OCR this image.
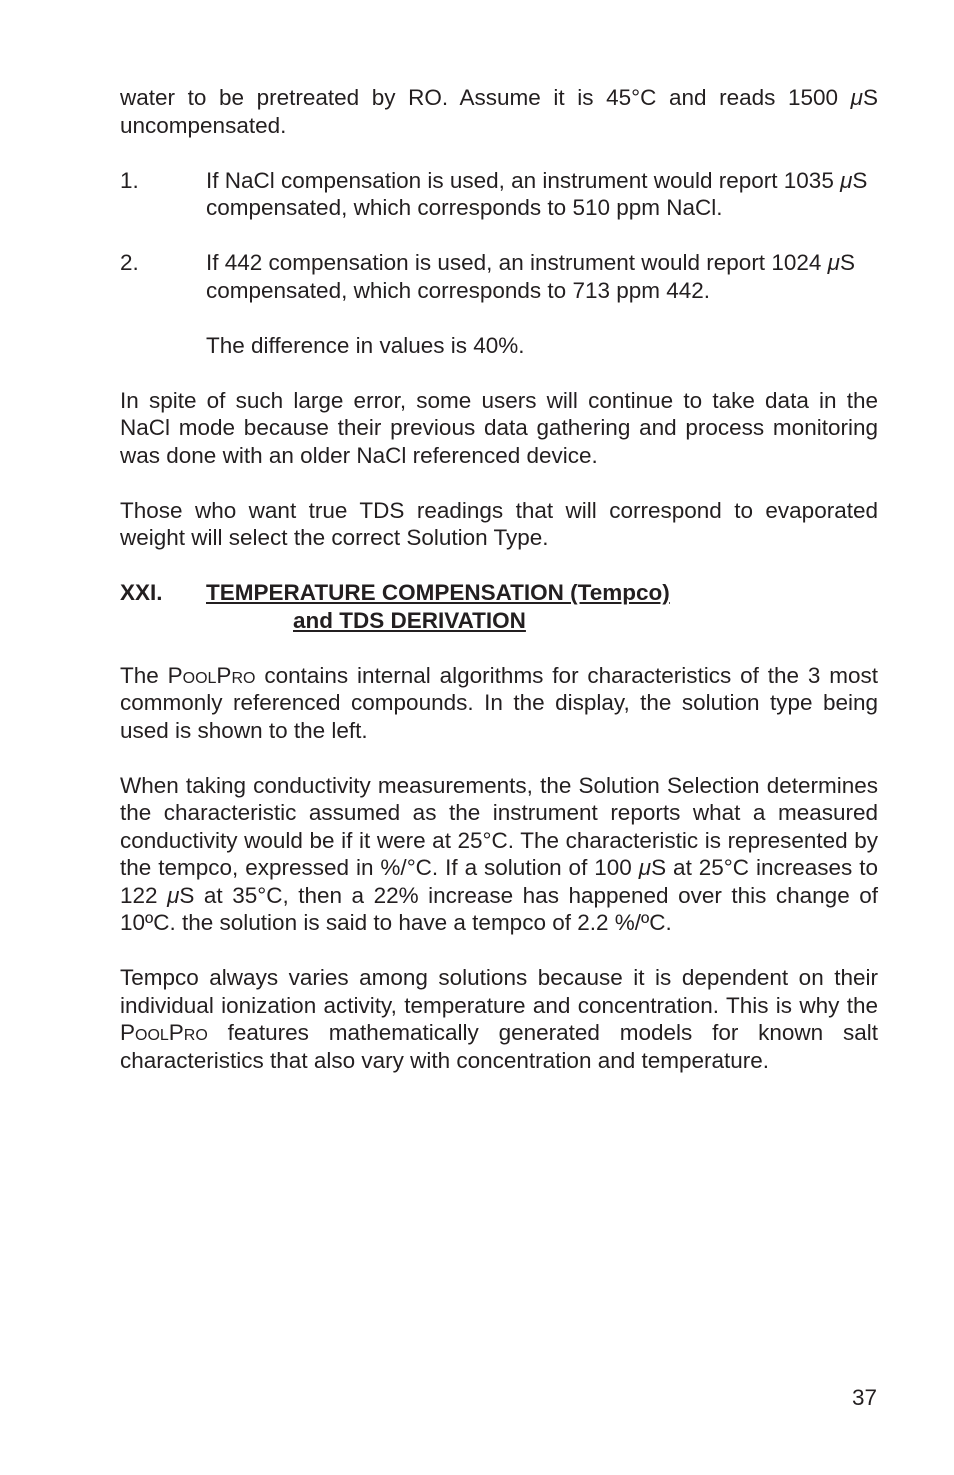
water to be pretreated by RO. Assume it is 45°C and reads 1500 μS uncompensated.

1.	If NaCl compensation is used, an instrument would report 1035 μS compensated, which corresponds to 510 ppm NaCl.
2.	If 442 compensation is used, an instrument would report 1024 μS compensated, which corresponds to 713 ppm 442.

The difference in values is 40%.

In spite of such large error, some users will continue to take data in the NaCl mode because their previous data gathering and process monitoring was done with an older NaCl referenced device.

Those who want true TDS readings that will correspond to evaporated weight will select the correct Solution Type.

XXI.	TEMPERATURE COMPENSATION (Tempco)
and TDS DERIVATION

The PoolPro contains internal algorithms for characteristics of the 3 most commonly referenced compounds. In the display, the solution type being used is shown to the left.

When taking conductivity measurements, the Solution Selection determines the characteristic assumed as the instrument reports what a measured conductivity would be if it were at 25°C. The characteristic is represented by the tempco, expressed in %/°C. If a solution of 100 μS at 25°C increases to 122 μS at 35°C, then a 22% increase has happened over this change of 10ºC. the solution is said to have a tempco of 2.2 %/ºC.

Tempco always varies among solutions because it is dependent on their individual ionization activity, temperature and concentration. This is why the PoolPro features mathematically generated models for known salt characteristics that also vary with concentration and temperature.

37
